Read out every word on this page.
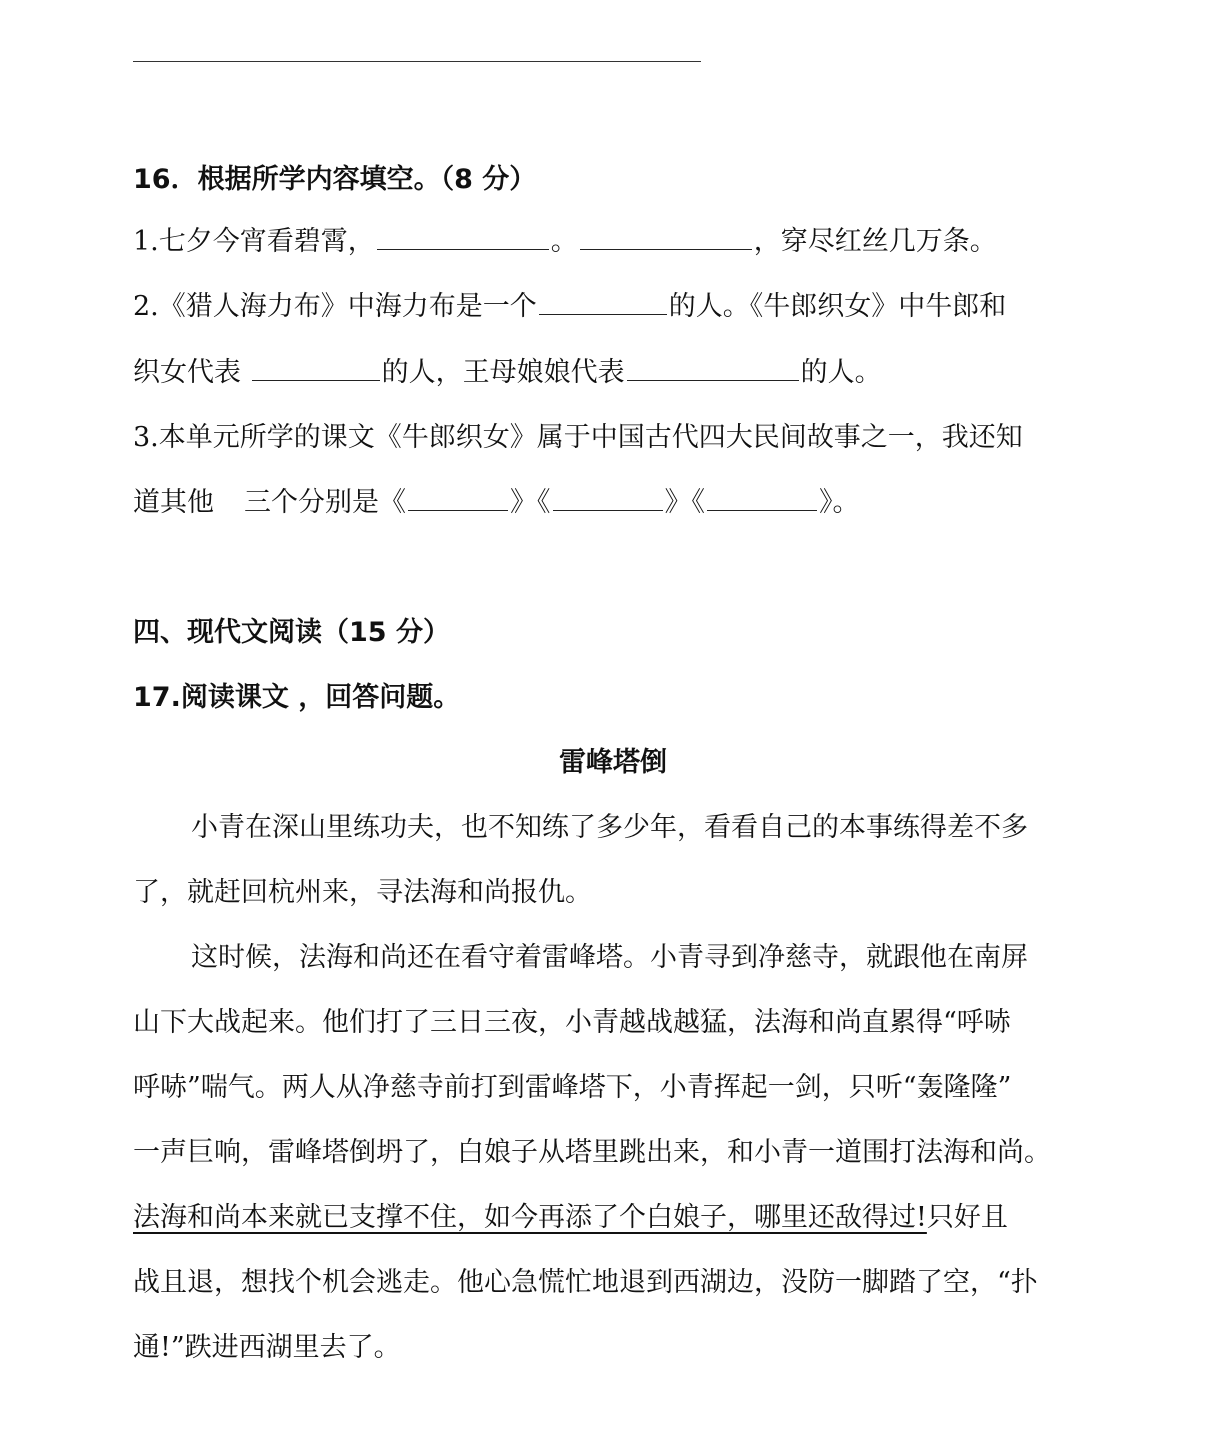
16．根据所学内容填空。（8 分）
1.七夕今宵看碧霄，	。	，穿尽红丝几万条。
2.《猎人海力布》中海力布是一个	的人。《牛郎织女》中牛郎和
织女代表	的人，王母娘娘代表	的人。
3.本单元所学的课文《牛郎织女》属于中国古代四大民间故事之一，我还知
道其他 三个分别是《	》《	》《	》。
四、现代文阅读（15 分）
17.阅读课文 ，回答问题。
雷峰塔倒
小青在深山里练功夫，也不知练了多少年，看看自己的本事练得差不多
了，就赶回杭州来，寻法海和尚报仇。
这时候，法海和尚还在看守着雷峰塔。小青寻到净慈寺，就跟他在南屏
山下大战起来。他们打了三日三夜，小青越战越猛，法海和尚直累得“呼哧
呼哧”喘气。两人从净慈寺前打到雷峰塔下，小青挥起一剑，只听“轰隆隆”
一声巨响，雷峰塔倒坍了，白娘子从塔里跳出来，和小青一道围打法海和尚。
法海和尚本来就已支撑不住，如今再添了个白娘子，哪里还敌得过!只好且
战且退，想找个机会逃走。他心急慌忙地退到西湖边，没防一脚踏了空，“扑
通!”跌进西湖里去了。
